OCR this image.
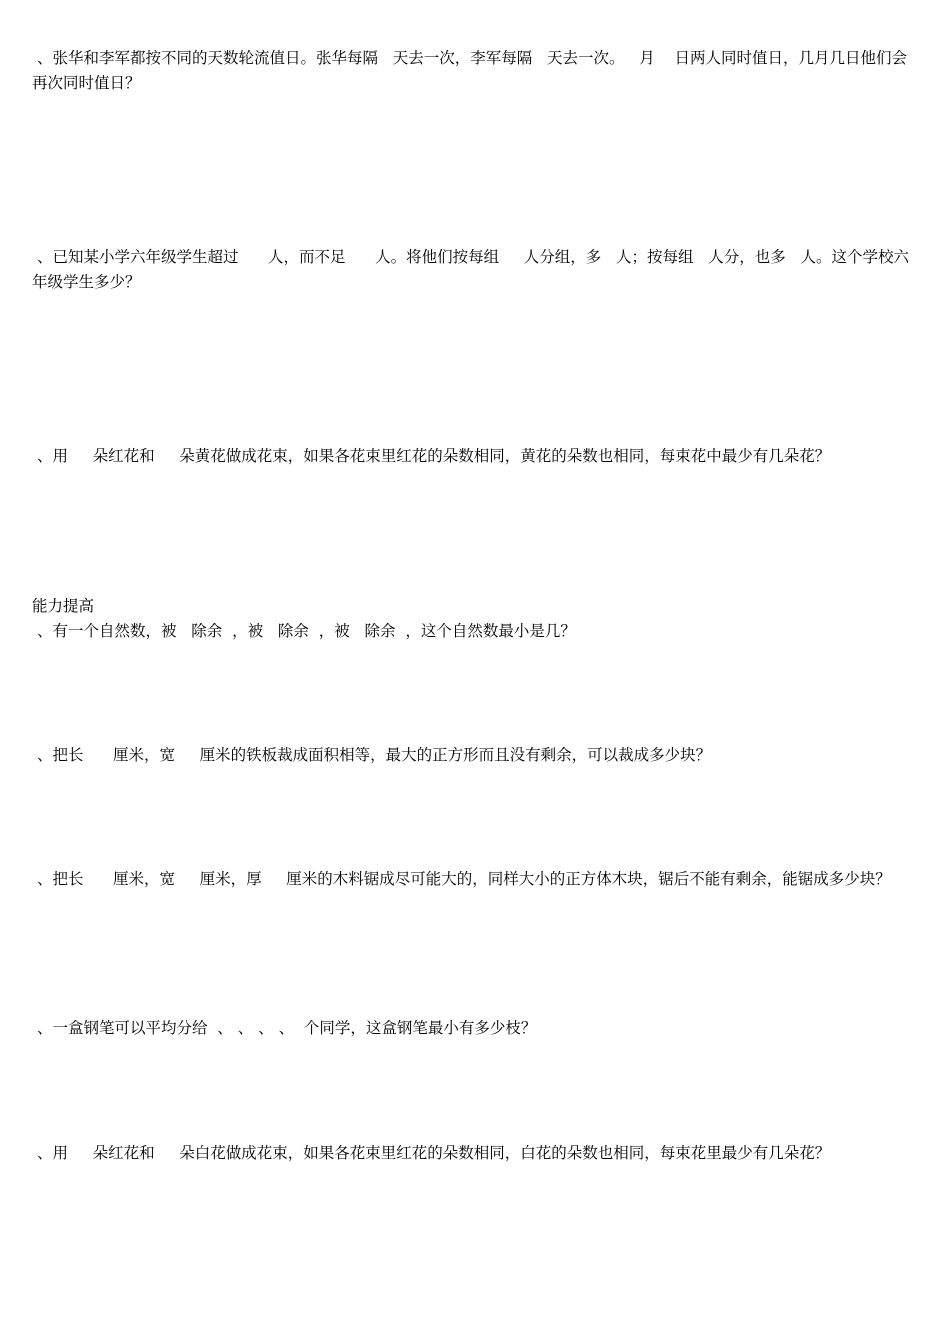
、张华和李军都按不同的天数轮流值日。张华每隔   天去一次，李军每隔   天去一次。   月    日两人同时值日，几月几日他们会再次同时值日？
、已知某小学六年级学生超过      人，而不足      人。将他们按每组     人分组，多   人；按每组   人分，也多   人。这个学校六年级学生多少？
、用     朵红花和     朵黄花做成花束，如果各花束里红花的朵数相同，黄花的朵数也相同，每束花中最少有几朵花？
能力提高
、有一个自然数，被   除余  ，被   除余  ，被   除余  ，这个自然数最小是几？
、把长      厘米，宽     厘米的铁板裁成面积相等，最大的正方形而且没有剩余，可以裁成多少块？
、把长      厘米，宽     厘米，厚     厘米的木料锯成尽可能大的，同样大小的正方体木块，锯后不能有剩余，能锯成多少块？
、一盒钢笔可以平均分给  、 、 、 、  个同学，这盒钢笔最小有多少枝？
、用     朵红花和     朵白花做成花束，如果各花束里红花的朵数相同，白花的朵数也相同，每束花里最少有几朵花？
